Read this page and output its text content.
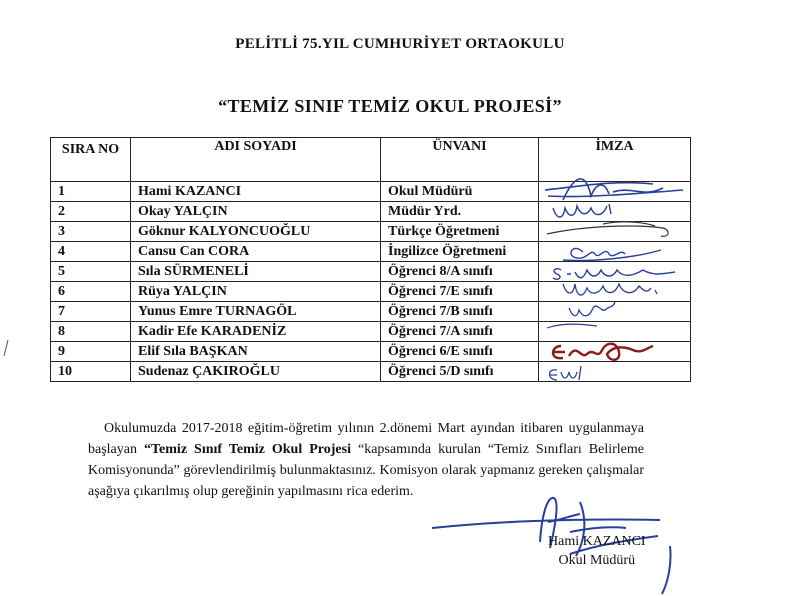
PELİTLİ 75.YIL CUMHURİYET ORTAOKULU
“TEMİZ SINIF TEMİZ OKUL PROJESİ”
SIRA NO	ADI SOYADI	ÜNVANI	İMZA
1	Hami KAZANCI	Okul Müdürü	

2	Okay YALÇIN	Müdür Yrd.	

3	Göknur KALYONCUOĞLU	Türkçe Öğretmeni	

4	Cansu Can CORA	İngilizce Öğretmeni	

5	Sıla SÜRMENELİ	Öğrenci 8/A sınıfı	

6	Rüya YALÇIN	Öğrenci 7/E sınıfı	

7	Yunus Emre TURNAGÖL	Öğrenci 7/B sınıfı	

8	Kadir Efe KARADENİZ	Öğrenci 7/A sınıfı	

9	Elif Sıla BAŞKAN	Öğrenci 6/E sınıfı	

10	Sudenaz ÇAKIROĞLU	Öğrenci 5/D sınıfı	

Okulumuzda 2017-2018 eğitim-öğretim yılının 2.dönemi Mart ayından itibaren uygulanmaya başlayan “Temiz Sınıf Temiz Okul Projesi “kapsamında kurulan “Temiz Sınıfları Belirleme Komisyonunda” görevlendirilmiş bulunmaktasınız. Komisyon olarak yapmanız gereken çalışmalar aşağıya çıkarılmış olup gereğinin yapılmasını rica ederim.

Hami KAZANCI
Okul Müdürü
